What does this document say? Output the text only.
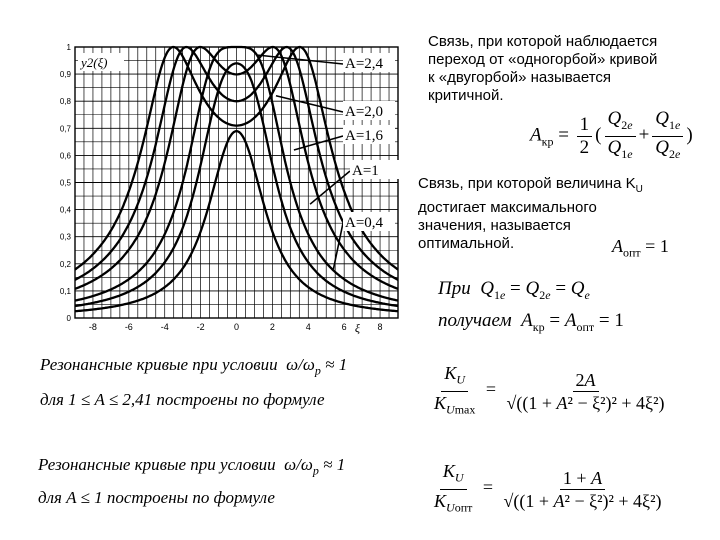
0
0,1
0,2
0,3
0,4
0,5
0,6
0,7
0,8
0,9
1
-8	-6	-4	-2	0	2	4	6	8
ξ
y2(ξ)	A=2,4
A=2,0
A=1,6
A=1
A=0,4
Связь, при которой наблюдается
переход от «одногорбой» кривой
к «двугорбой» называется
критичной.
$A_{кр} = \frac{1}{2}$ ( $\frac{Q_{2e}}{Q_{1e}} + \frac{Q_{1e}}{Q_{2e}}$ )
Связь, при которой величина $K_U$
достигает максимального
значения, называется
оптимальной.	$A_{опт} = 1$
При $Q_{1e} = Q_{2e} = Q_e$
получаем $A_{кр} = A_{опт} = 1$
Резонансные кривые при условии  $\omega/\omega_р \approx 1$
для 1 ≤ A ≤ 2,41 построены по формуле
Резонансные кривые при условии  $\omega/\omega_р \approx 1$
для A ≤ 1 построены по формуле
$\frac{K_U}{K_{Umax}} = \frac{2A}{\text{√((1 + A² − ξ²)² + 4ξ²)}}$
$\frac{K_U}{K_{Uопт}} = \frac{1 + A}{\text{√((1 + A² − ξ²)² + 4ξ²)}}$
